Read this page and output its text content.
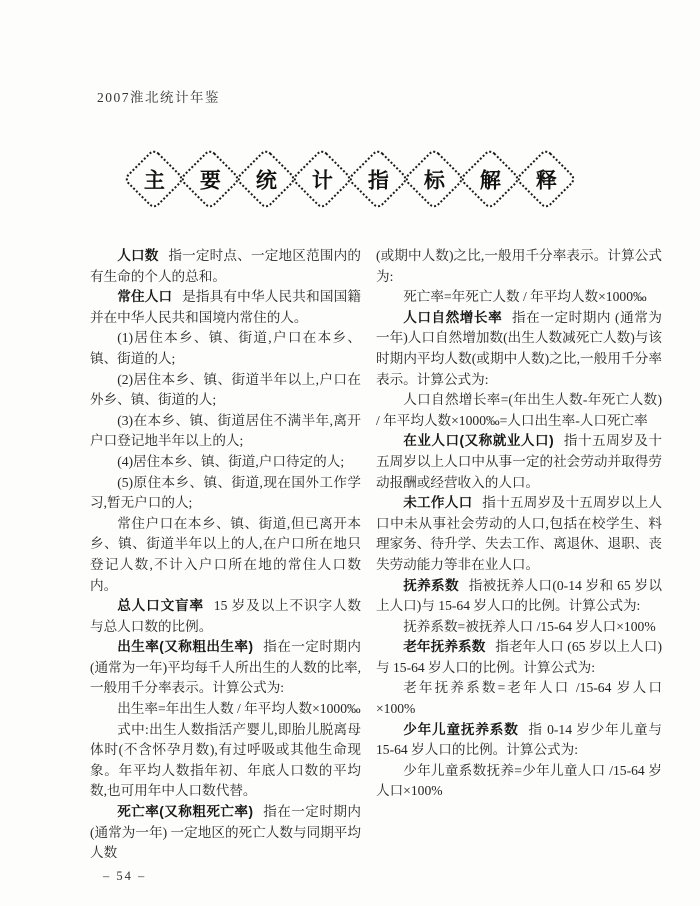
2007淮北统计年鉴
主 要 统 计 指 标 解 释

人口数 指一定时点、一定地区范围内的有生命的个人的总和。

常住人口 是指具有中华人民共和国国籍并在中华人民共和国境内常住的人。

(1)居住本乡、镇、街道,户口在本乡、镇、街道的人;

(2)居住本乡、镇、街道半年以上,户口在外乡、镇、街道的人;

(3)在本乡、镇、街道居住不满半年,离开户口登记地半年以上的人;

(4)居住本乡、镇、街道,户口待定的人;

(5)原住本乡、镇、街道,现在国外工作学习,暂无户口的人;

常住户口在本乡、镇、街道,但已离开本乡、镇、街道半年以上的人,在户口所在地只登记人数,不计入户口所在地的常住人口数内。

总人口文盲率 15 岁及以上不识字人数与总人口数的比例。

出生率(又称粗出生率) 指在一定时期内(通常为一年)平均每千人所出生的人数的比率,一般用千分率表示。计算公式为:

出生率=年出生人数 / 年平均人数×1000‰

式中:出生人数指活产婴儿,即胎儿脱离母体时(不含怀孕月数),有过呼吸或其他生命现象。年平均人数指年初、年底人口数的平均数,也可用年中人口数代替。

死亡率(又称粗死亡率) 指在一定时期内(通常为一年) 一定地区的死亡人数与同期平均人数

(或期中人数)之比,一般用千分率表示。计算公式为:

死亡率=年死亡人数 / 年平均人数×1000‰

人口自然增长率 指在一定时期内 (通常为一年)人口自然增加数(出生人数减死亡人数)与该时期内平均人数(或期中人数)之比,一般用千分率表示。计算公式为:

人口自然增长率=(年出生人数-年死亡人数) / 年平均人数×1000‰=人口出生率-人口死亡率

在业人口(又称就业人口) 指十五周岁及十五周岁以上人口中从事一定的社会劳动并取得劳动报酬或经营收入的人口。

未工作人口 指十五周岁及十五周岁以上人口中未从事社会劳动的人口,包括在校学生、料理家务、待升学、失去工作、离退休、退职、丧失劳动能力等非在业人口。

抚养系数 指被抚养人口(0-14 岁和 65 岁以上人口)与 15-64 岁人口的比例。计算公式为:

抚养系数=被抚养人口 /15-64 岁人口×100%

老年抚养系数 指老年人口 (65 岁以上人口)与 15-64 岁人口的比例。计算公式为:

老年抚养系数=老年人口 /15-64 岁人口×100%

少年儿童抚养系数 指 0-14 岁少年儿童与 15-64 岁人口的比例。计算公式为:

少年儿童系数抚养=少年儿童人口 /15-64 岁人口×100%

– 54 –
